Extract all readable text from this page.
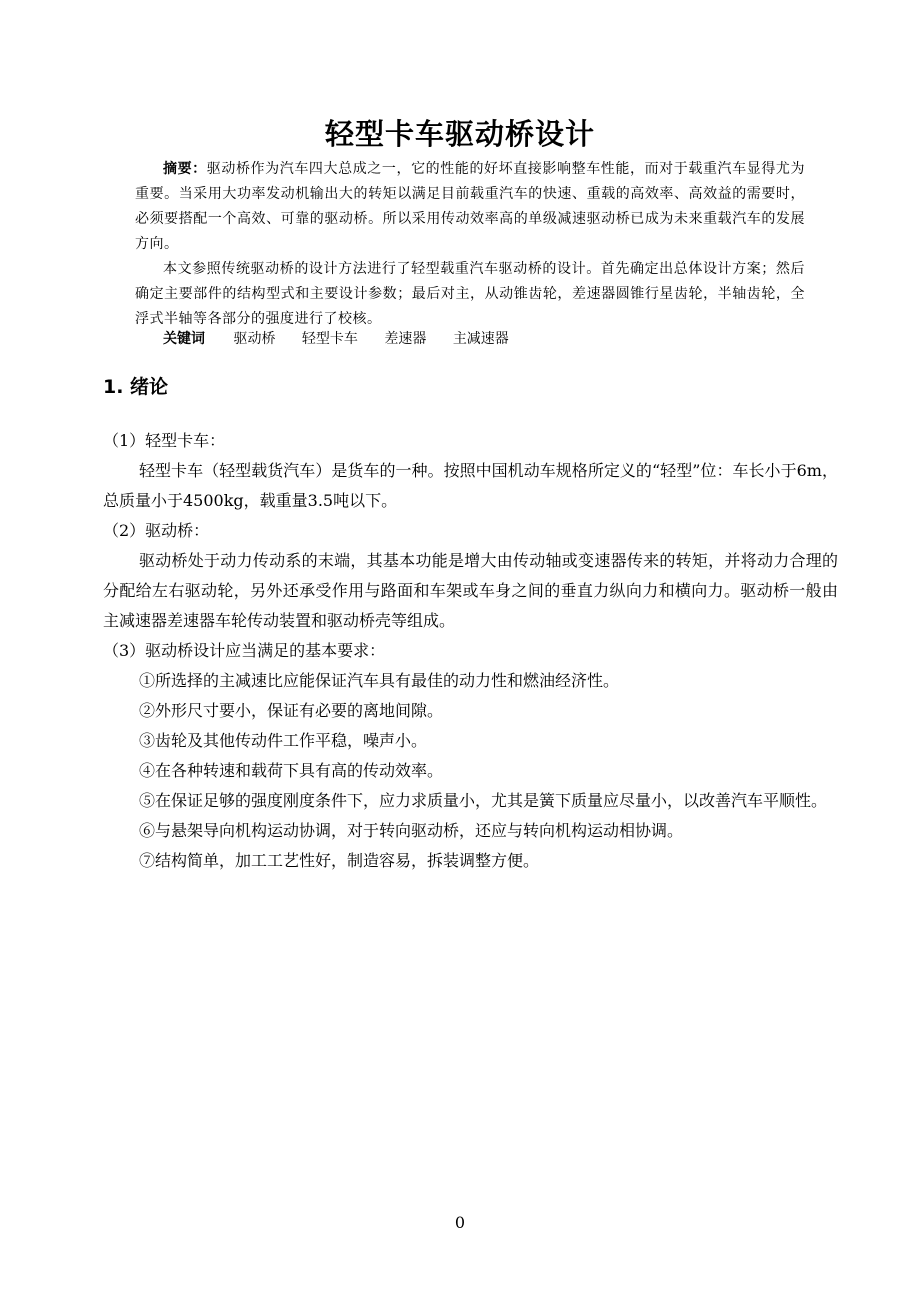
轻型卡车驱动桥设计

摘要：驱动桥作为汽车四大总成之一，它的性能的好坏直接影响整车性能，而对于载重汽车显得尤为重要。当采用大功率发动机输出大的转矩以满足目前载重汽车的快速、重载的高效率、高效益的需要时，必须要搭配一个高效、可靠的驱动桥。所以采用传动效率高的单级减速驱动桥已成为未来重载汽车的发展方向。

本文参照传统驱动桥的设计方法进行了轻型载重汽车驱动桥的设计。首先确定出总体设计方案；然后确定主要部件的结构型式和主要设计参数；最后对主，从动锥齿轮，差速器圆锥行星齿轮，半轴齿轮，全浮式半轴等各部分的强度进行了校核。

关键词 驱动桥 轻型卡车 差速器 主减速器
1. 绪论

（1）轻型卡车：

轻型卡车（轻型载货汽车）是货车的一种。按照中国机动车规格所定义的“轻型”位：车长小于6m，总质量小于4500kg，载重量3.5吨以下。

（2）驱动桥：

驱动桥处于动力传动系的末端，其基本功能是增大由传动轴或变速器传来的转矩，并将动力合理的分配给左右驱动轮，另外还承受作用与路面和车架或车身之间的垂直力纵向力和横向力。驱动桥一般由主减速器差速器车轮传动装置和驱动桥壳等组成。

（3）驱动桥设计应当满足的基本要求：

①所选择的主减速比应能保证汽车具有最佳的动力性和燃油经济性。

②外形尺寸要小，保证有必要的离地间隙。

③齿轮及其他传动件工作平稳，噪声小。

④在各种转速和载荷下具有高的传动效率。

⑤在保证足够的强度刚度条件下，应力求质量小，尤其是簧下质量应尽量小，以改善汽车平顺性。

⑥与悬架导向机构运动协调，对于转向驱动桥，还应与转向机构运动相协调。

⑦结构简单，加工工艺性好，制造容易，拆装调整方便。

0
